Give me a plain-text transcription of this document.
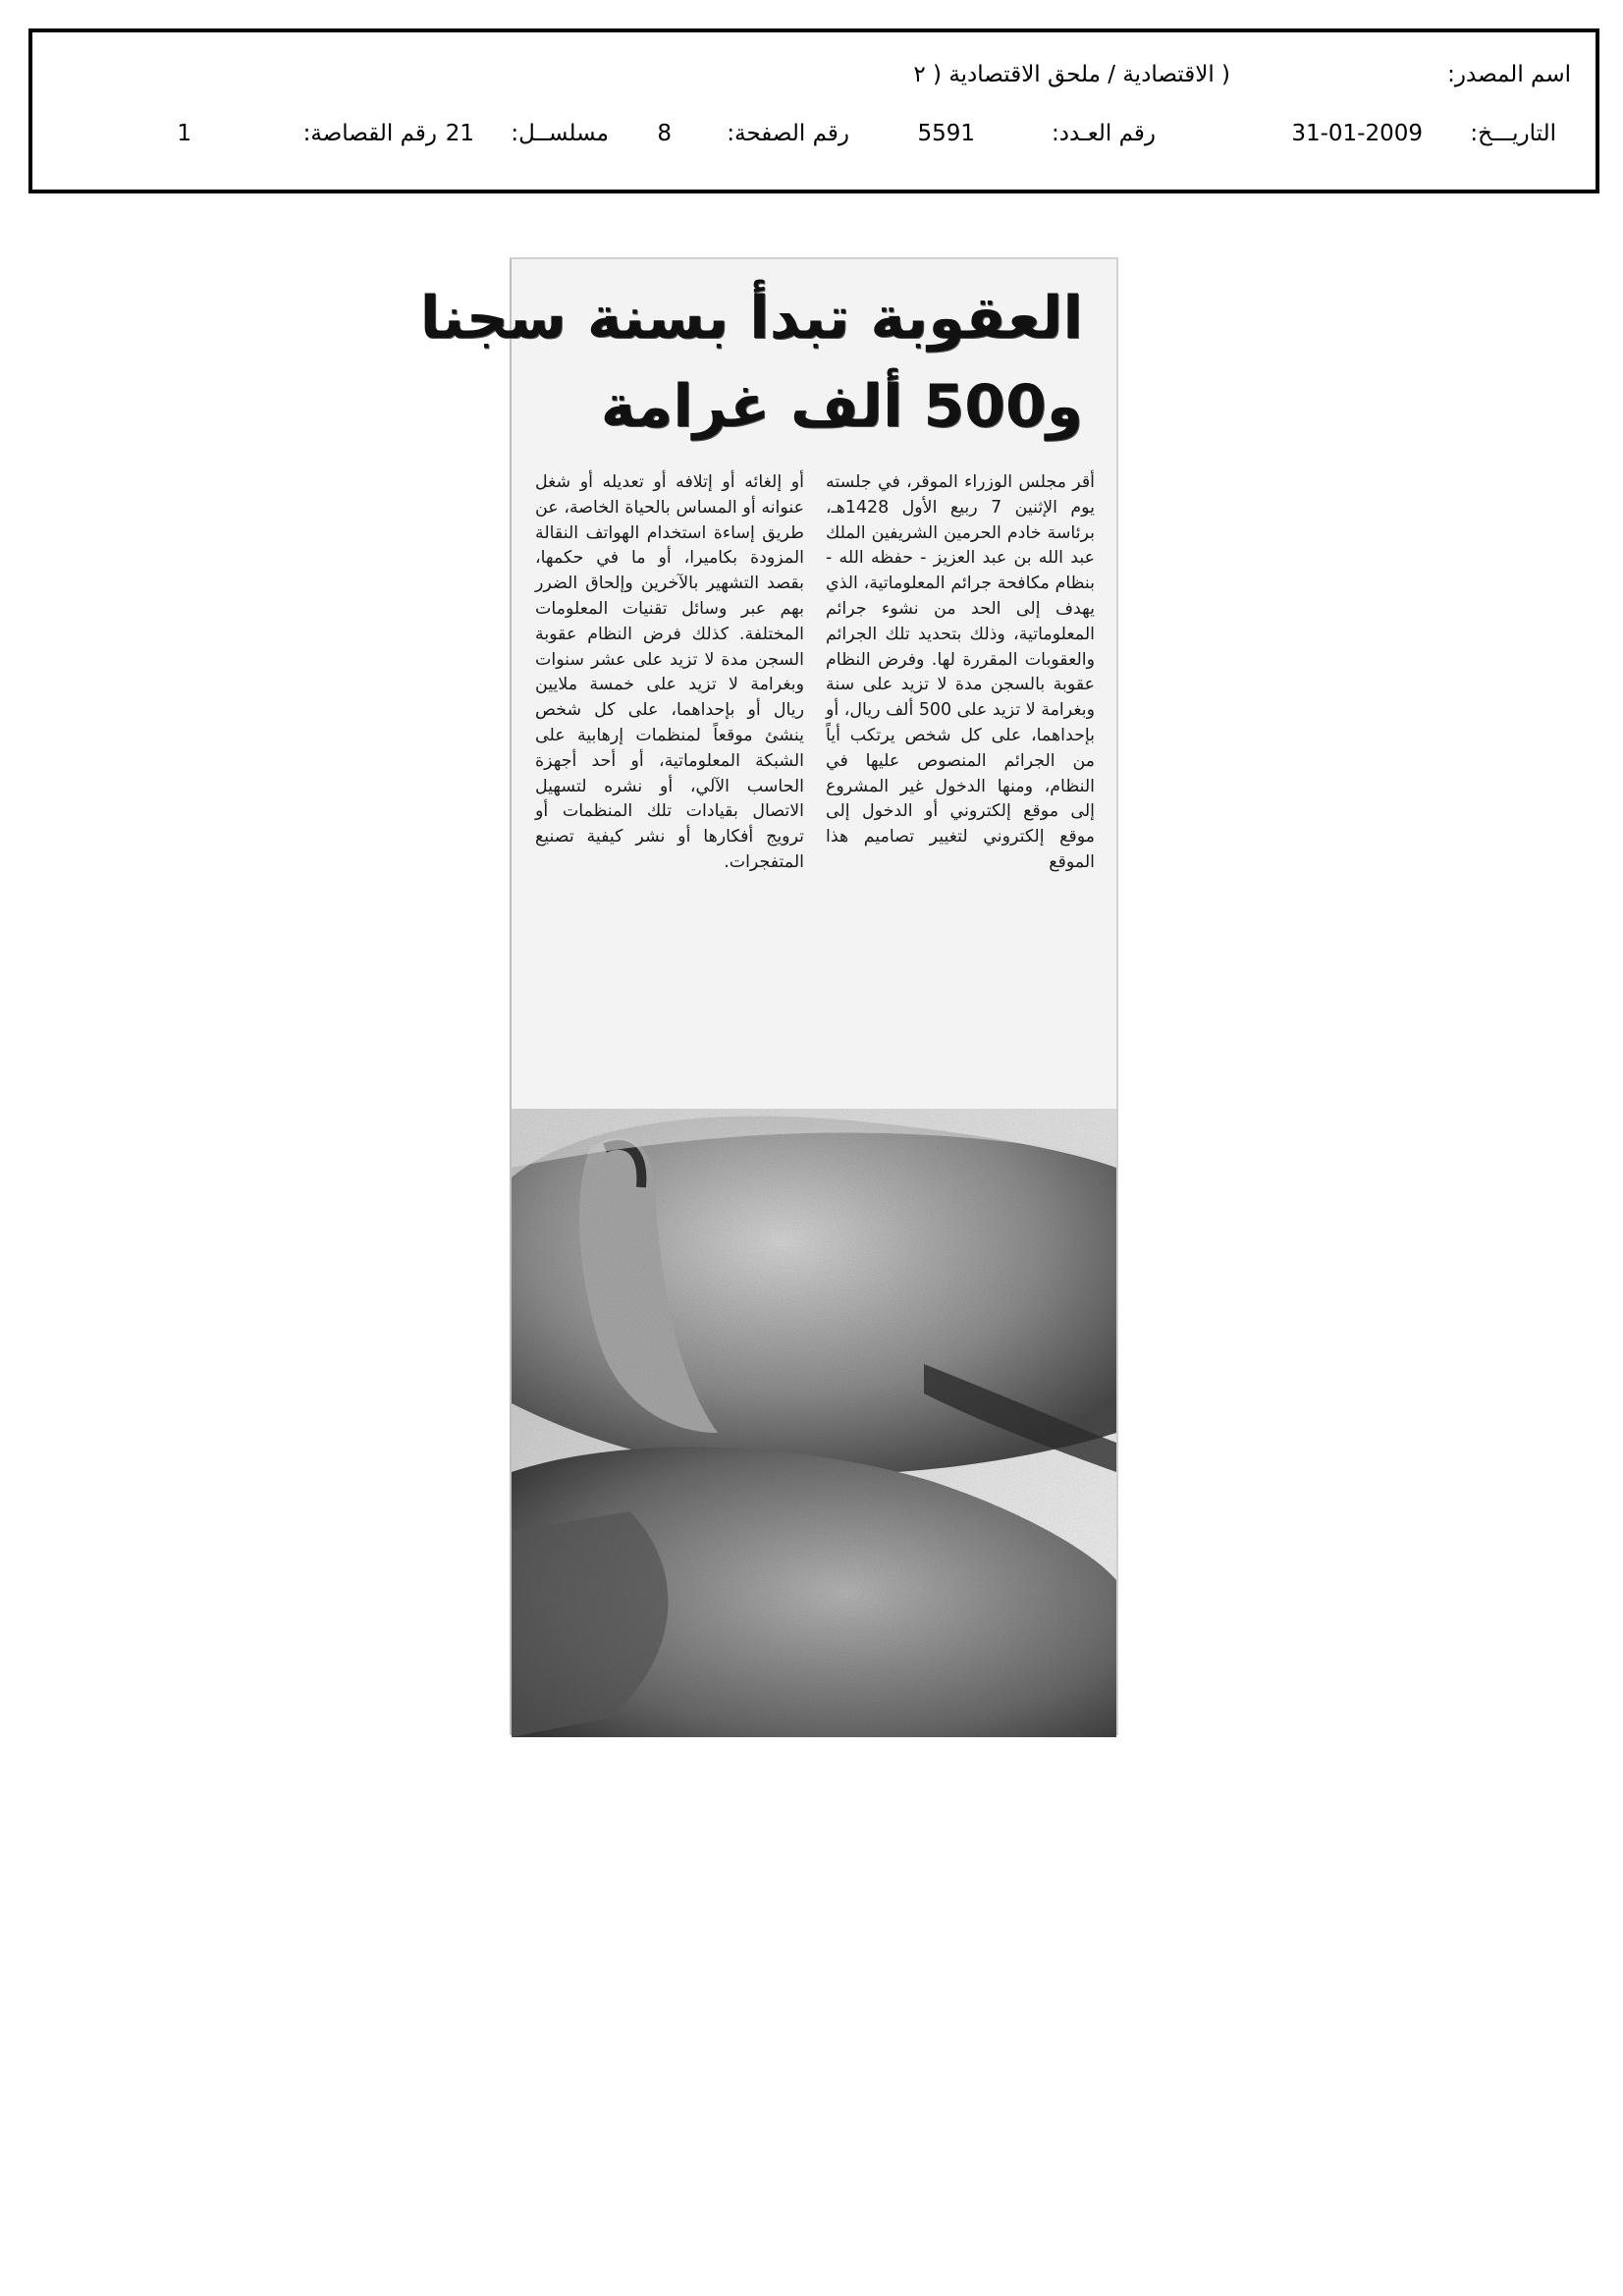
اسم المصدر:
( الاقتصادية / ملحق الاقتصادية ( ٢
التاريـــخ:
31-01-2009
رقم العـدد:
5591
رقم الصفحة:
8
مسلســل:
21
رقم القصاصة:
1
العقوبة تبدأ بسنة سجنا
و500 ألف غرامة
أقر مجلس الوزراء الموقر، في جلسته يوم الإثنين 7 ربيع الأول 1428هـ، برئاسة خادم الحرمين الشريفين الملك عبد الله بن عبد العزيز - حفظه الله - بنظام مكافحة جرائم المعلوماتية، الذي يهدف إلى الحد من نشوء جرائم المعلوماتية، وذلك بتحديد تلك الجرائم والعقوبات المقررة لها. وفرض النظام عقوبة بالسجن مدة لا تزيد على سنة وبغرامة لا تزيد على 500 ألف ريال، أو بإحداهما، على كل شخص يرتكب أياً من الجرائم المنصوص عليها في النظام، ومنها الدخول غير المشروع إلى موقع إلكتروني أو الدخول إلى موقع إلكتروني لتغيير تصاميم هذا الموقع
أو إلغائه أو إتلافه أو تعديله أو شغل عنوانه أو المساس بالحياة الخاصة، عن طريق إساءة استخدام الهواتف النقالة المزودة بكاميرا، أو ما في حكمها، بقصد التشهير بالآخرين وإلحاق الضرر بهم عبر وسائل تقنيات المعلومات المختلفة. كذلك فرض النظام عقوبة السجن مدة لا تزيد على عشر سنوات وبغرامة لا تزيد على خمسة ملايين ريال أو بإحداهما، على كل شخص ينشئ موقعاً لمنظمات إرهابية على الشبكة المعلوماتية، أو أحد أجهزة الحاسب الآلي، أو نشره لتسهيل الاتصال بقيادات تلك المنظمات أو ترويج أفكارها أو نشر كيفية تصنيع المتفجرات.
